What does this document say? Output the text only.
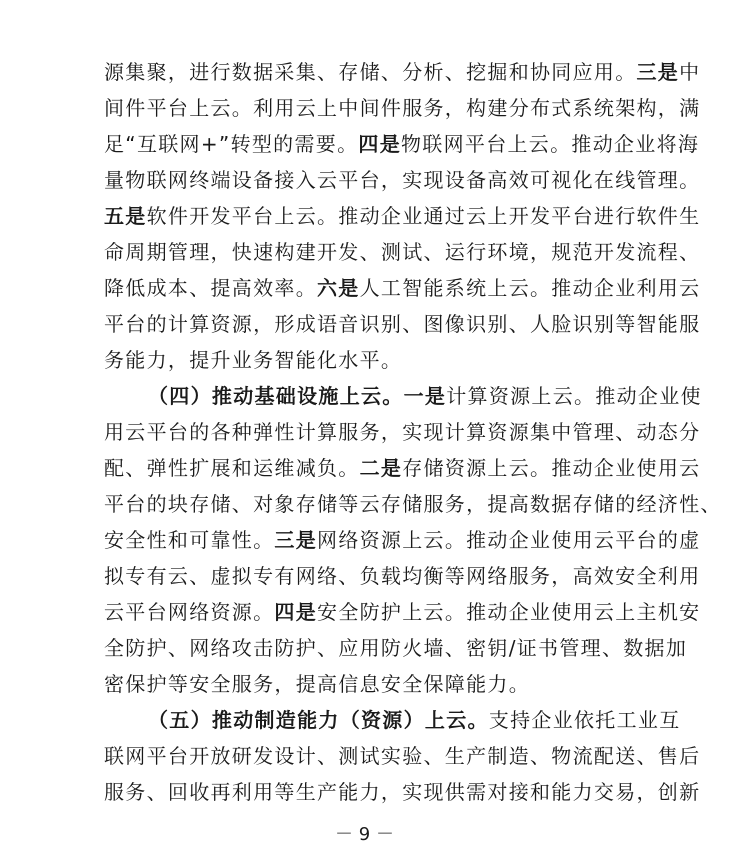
源集聚，进行数据采集、存储、分析、挖掘和协同应用。三是中
间件平台上云。利用云上中间件服务，构建分布式系统架构，满
足“互联网+”转型的需要。四是物联网平台上云。推动企业将海
量物联网终端设备接入云平台，实现设备高效可视化在线管理。
五是软件开发平台上云。推动企业通过云上开发平台进行软件生
命周期管理，快速构建开发、测试、运行环境，规范开发流程、
降低成本、提高效率。六是人工智能系统上云。推动企业利用云
平台的计算资源，形成语音识别、图像识别、人脸识别等智能服
务能力，提升业务智能化水平。
（四）推动基础设施上云。一是计算资源上云。推动企业使
用云平台的各种弹性计算服务，实现计算资源集中管理、动态分
配、弹性扩展和运维减负。二是存储资源上云。推动企业使用云
平台的块存储、对象存储等云存储服务，提高数据存储的经济性、
安全性和可靠性。三是网络资源上云。推动企业使用云平台的虚
拟专有云、虚拟专有网络、负载均衡等网络服务，高效安全利用
云平台网络资源。四是安全防护上云。推动企业使用云上主机安
全防护、网络攻击防护、应用防火墙、密钥/证书管理、数据加
密保护等安全服务，提高信息安全保障能力。
（五）推动制造能力（资源）上云。支持企业依托工业互
联网平台开放研发设计、测试实验、生产制造、物流配送、售后
服务、回收再利用等生产能力，实现供需对接和能力交易，创新
－ 9 －
